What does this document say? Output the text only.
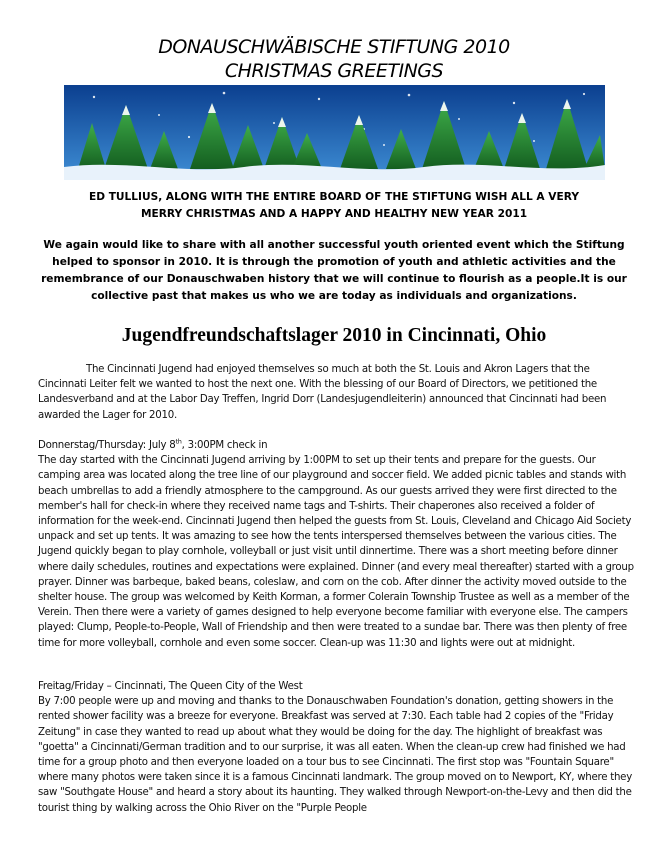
DONAUSCHWÄBISCHE STIFTUNG 2010
CHRISTMAS GREETINGS
ED TULLIUS, ALONG WITH THE ENTIRE BOARD OF THE STIFTUNG WISH ALL A VERY
MERRY CHRISTMAS AND A HAPPY AND HEALTHY NEW YEAR 2011
We again would like to share with all another successful youth oriented event which the Stiftung
helped to sponsor in 2010. It is through the promotion of youth and athletic activities and the
remembrance of our Donauschwaben history that we will continue to flourish as a people.It is our
collective past that makes us who we are today as individuals and organizations.
Jugendfreundschaftslager 2010 in Cincinnati, Ohio

The Cincinnati Jugend had enjoyed themselves so much at both the St. Louis and Akron Lagers that the Cincinnati Leiter felt we wanted to host the next one. With the blessing of our Board of Directors, we petitioned the Landesverband and at the Labor Day Treffen, Ingrid Dorr (Landesjugendleiterin) announced that Cincinnati had been awarded the Lager for 2010.

Donnerstag/Thursday: July 8th, 3:00PM check in

The day started with the Cincinnati Jugend arriving by 1:00PM to set up their tents and prepare for the guests. Our camping area was located along the tree line of our playground and soccer field. We added picnic tables and stands with beach umbrellas to add a friendly atmosphere to the campground. As our guests arrived they were first directed to the member's hall for check-in where they received name tags and T-shirts. Their chaperones also received a folder of information for the week-end. Cincinnati Jugend then helped the guests from St. Louis, Cleveland and Chicago Aid Society unpack and set up tents. It was amazing to see how the tents interspersed themselves between the various cities. The Jugend quickly began to play cornhole, volleyball or just visit until dinnertime. There was a short meeting before dinner where daily schedules, routines and expectations were explained. Dinner (and every meal thereafter) started with a group prayer. Dinner was barbeque, baked beans, coleslaw, and corn on the cob. After dinner the activity moved outside to the shelter house. The group was welcomed by Keith Korman, a former Colerain Township Trustee as well as a member of the Verein. Then there were a variety of games designed to help everyone become familiar with everyone else. The campers played: Clump, People-to-People, Wall of Friendship and then were treated to a sundae bar. There was then plenty of free time for more volleyball, cornhole and even some soccer. Clean-up was 11:30 and lights were out at midnight.

Freitag/Friday – Cincinnati, The Queen City of the West

By 7:00 people were up and moving and thanks to the Donauschwaben Foundation's donation, getting showers in the rented shower facility was a breeze for everyone. Breakfast was served at 7:30. Each table had 2 copies of the "Friday Zeitung" in case they wanted to read up about what they would be doing for the day. The highlight of breakfast was "goetta" a Cincinnati/German tradition and to our surprise, it was all eaten. When the clean-up crew had finished we had time for a group photo and then everyone loaded on a tour bus to see Cincinnati. The first stop was "Fountain Square" where many photos were taken since it is a famous Cincinnati landmark. The group moved on to Newport, KY, where they saw "Southgate House" and heard a story about its haunting. They walked through Newport-on-the-Levy and then did the tourist thing by walking across the Ohio River on the "Purple People
